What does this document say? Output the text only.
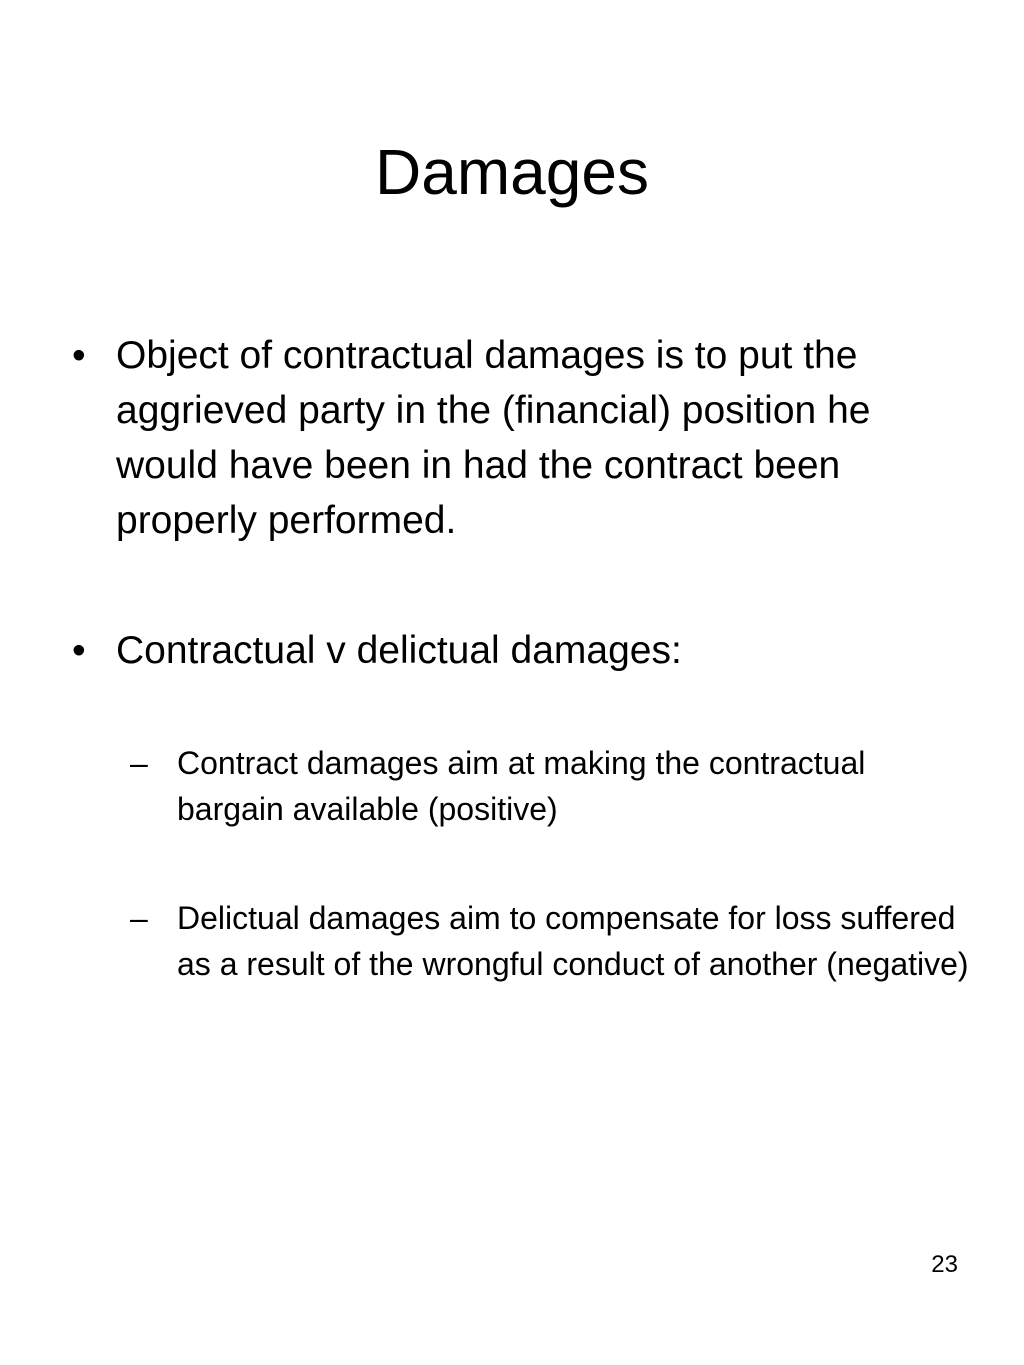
Damages
• Object of contractual damages is to put the aggrieved party in the (financial) position he would have been in had the contract been properly performed.
• Contractual v delictual damages:
– Contract damages aim at making the contractual bargain available (positive)
– Delictual damages aim to compensate for loss suffered as a result of the wrongful conduct of another (negative)
23
